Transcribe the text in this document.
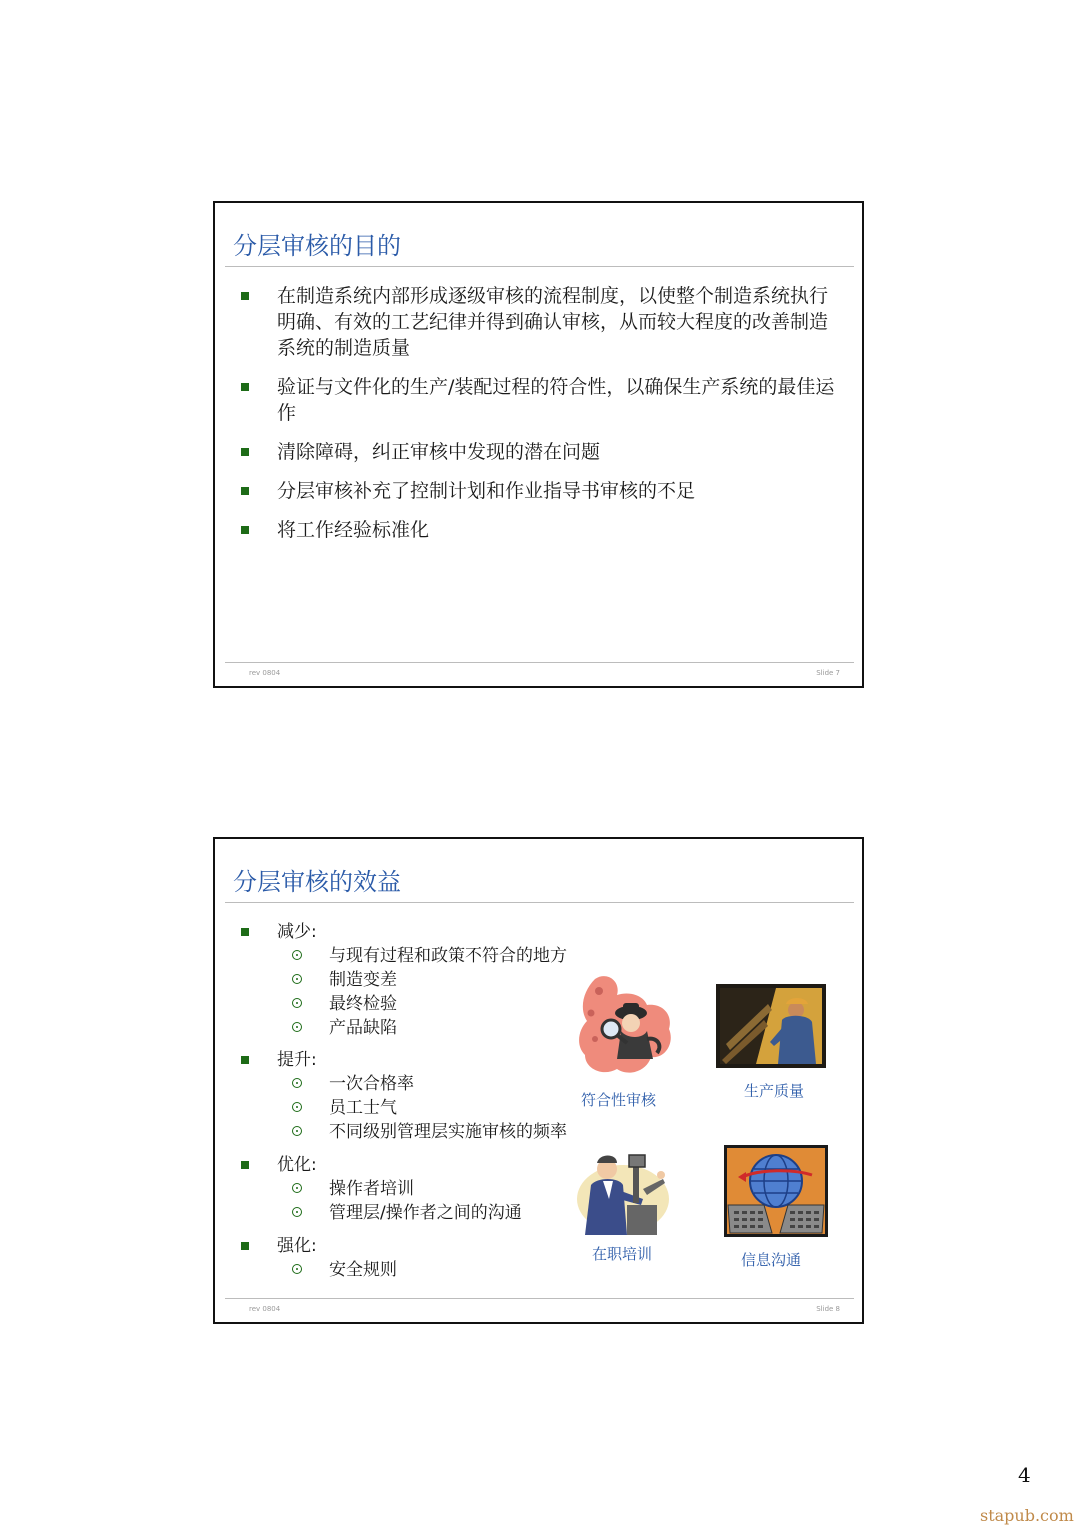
分层审核的目的
在制造系统内部形成逐级审核的流程制度，以使整个制造系统执行明确、有效的工艺纪律并得到确认审核，从而较大程度的改善制造系统的制造质量
验证与文件化的生产/装配过程的符合性，以确保生产系统的最佳运作
清除障碍，纠正审核中发现的潜在问题
分层审核补充了控制计划和作业指导书审核的不足
将工作经验标准化
rev 0804	Slide 7
分层审核的效益
减少:
与现有过程和政策不符合的地方
制造变差
最终检验
产品缺陷
提升:
一次合格率
员工士气
不同级别管理层实施审核的频率
优化:
操作者培训
管理层/操作者之间的沟通
强化:
安全规则
符合性审核	生产质量
在职培训	信息沟通
rev 0804	Slide 8
4
stapub.com
